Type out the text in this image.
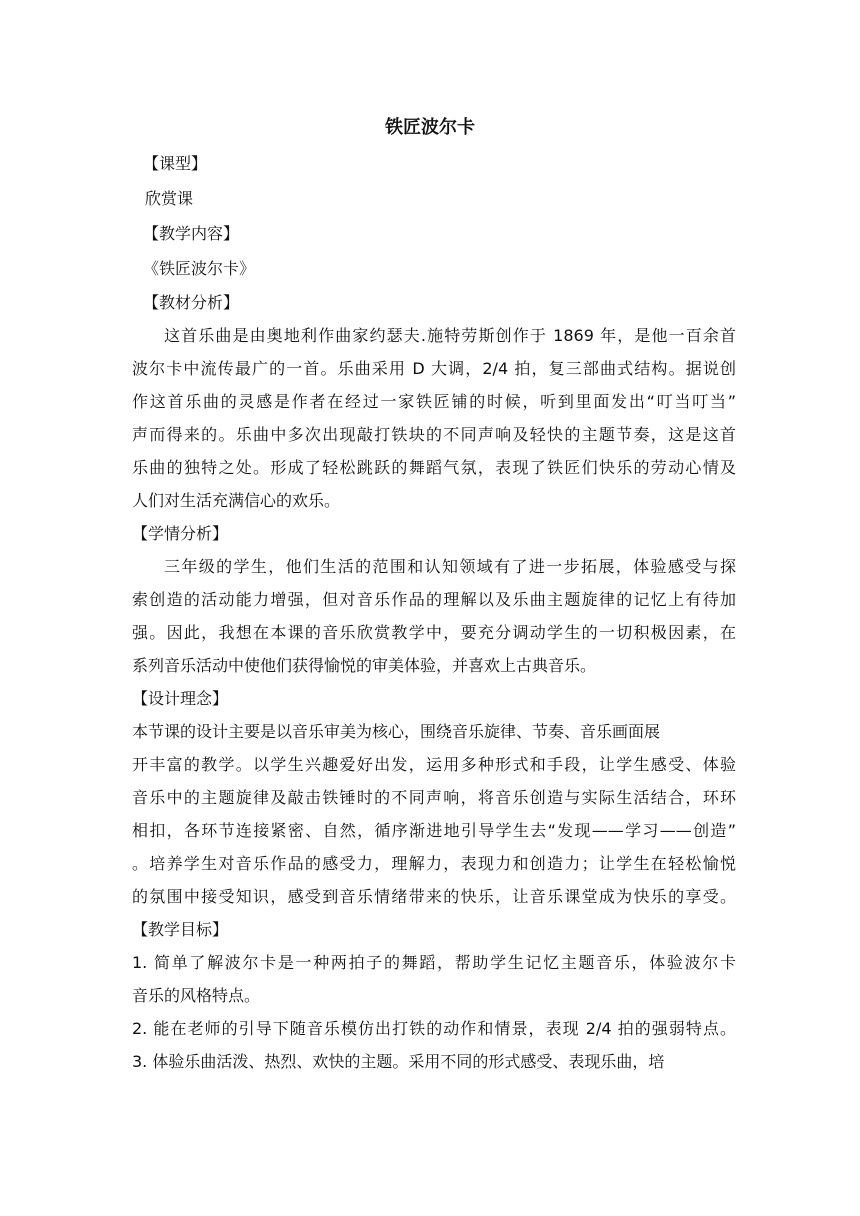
铁匠波尔卡
【课型】
欣赏课
【教学内容】
《铁匠波尔卡》
【教材分析】
这首乐曲是由奥地利作曲家约瑟夫.施特劳斯创作于 1869 年，是他一百余首
波尔卡中流传最广的一首。乐曲采用 D 大调，2/4 拍，复三部曲式结构。据说创
作这首乐曲的灵感是作者在经过一家铁匠铺的时候，听到里面发出“叮当叮当”
声而得来的。乐曲中多次出现敲打铁块的不同声响及轻快的主题节奏，这是这首
乐曲的独特之处。形成了轻松跳跃的舞蹈气氛，表现了铁匠们快乐的劳动心情及
人们对生活充满信心的欢乐。
【学情分析】
三年级的学生，他们生活的范围和认知领域有了进一步拓展，体验感受与探
索创造的活动能力增强，但对音乐作品的理解以及乐曲主题旋律的记忆上有待加
强。因此，我想在本课的音乐欣赏教学中，要充分调动学生的一切积极因素，在
系列音乐活动中使他们获得愉悦的审美体验，并喜欢上古典音乐。
【设计理念】
本节课的设计主要是以音乐审美为核心，围绕音乐旋律、节奏、音乐画面展
开丰富的教学。以学生兴趣爱好出发，运用多种形式和手段，让学生感受、体验
音乐中的主题旋律及敲击铁锤时的不同声响，将音乐创造与实际生活结合，环环
相扣，各环节连接紧密、自然，循序渐进地引导学生去“发现——学习——创造”
。培养学生对音乐作品的感受力，理解力，表现力和创造力；让学生在轻松愉悦
的氛围中接受知识，感受到音乐情绪带来的快乐，让音乐课堂成为快乐的享受。
【教学目标】
1. 简单了解波尔卡是一种两拍子的舞蹈，帮助学生记忆主题音乐，体验波尔卡
音乐的风格特点。
2. 能在老师的引导下随音乐模仿出打铁的动作和情景，表现 2/4 拍的强弱特点。
3. 体验乐曲活泼、热烈、欢快的主题。采用不同的形式感受、表现乐曲，培
